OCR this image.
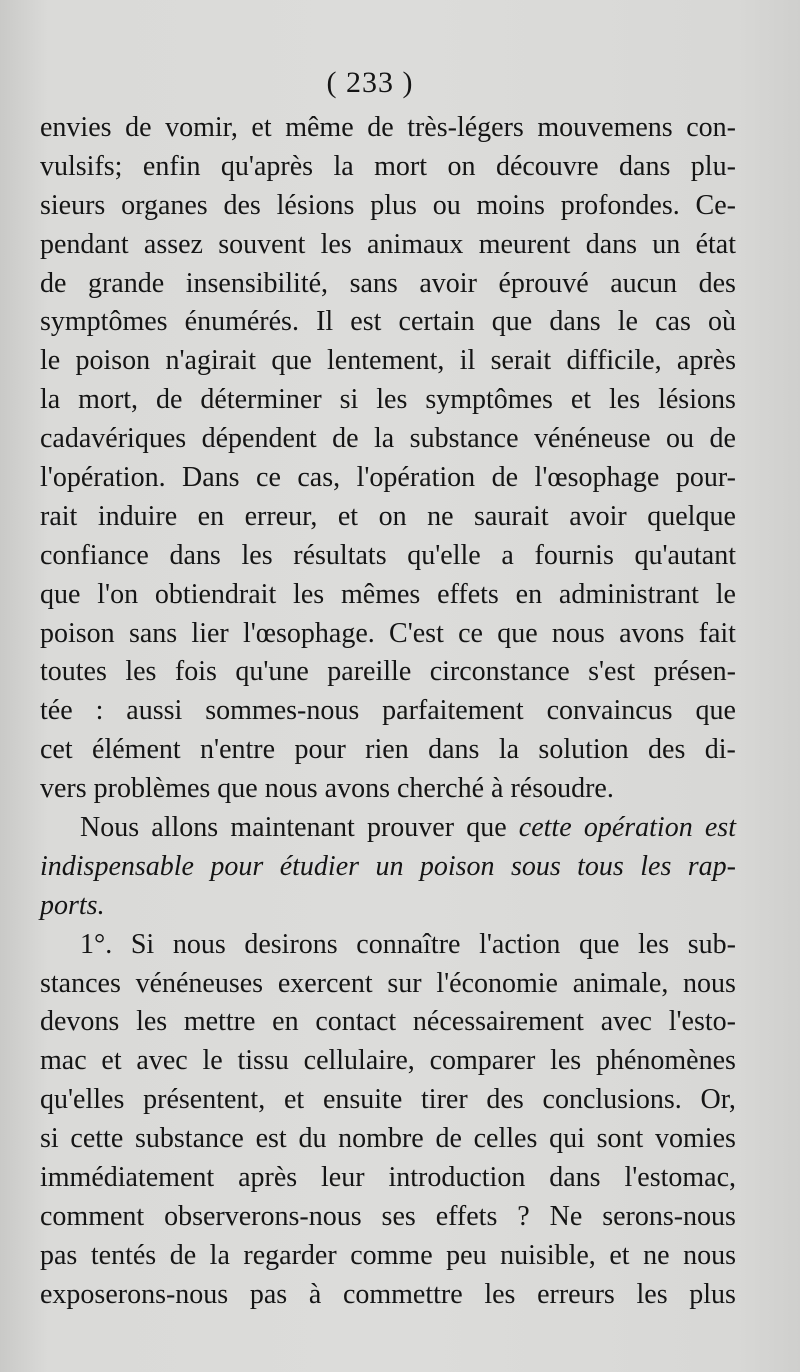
( 233 )
envies de vomir, et même de très-légers mouvemens con-
vulsifs; enfin qu'après la mort on découvre dans plu-
sieurs organes des lésions plus ou moins profondes. Ce-
pendant assez souvent les animaux meurent dans un état
de grande insensibilité, sans avoir éprouvé aucun des
symptômes énumérés. Il est certain que dans le cas où
le poison n'agirait que lentement, il serait difficile, après
la mort, de déterminer si les symptômes et les lésions
cadavériques dépendent de la substance vénéneuse ou de
l'opération. Dans ce cas, l'opération de l'œsophage pour-
rait induire en erreur, et on ne saurait avoir quelque
confiance dans les résultats qu'elle a fournis qu'autant
que l'on obtiendrait les mêmes effets en administrant le
poison sans lier l'œsophage. C'est ce que nous avons fait
toutes les fois qu'une pareille circonstance s'est présen-
tée : aussi sommes-nous parfaitement convaincus que
cet élément n'entre pour rien dans la solution des di-
vers
problèmes
que
nous
avons
cherché
à
résoudre.
Nous allons maintenant prouver que cette opération est
indispensable pour étudier un poison sous tous les rap-
ports.
1°. Si nous desirons connaître l'action que les sub-
stances vénéneuses exercent sur l'économie animale, nous
devons les mettre en contact nécessairement avec l'esto-
mac et avec le tissu cellulaire, comparer les phénomènes
qu'elles présentent, et ensuite tirer des conclusions. Or,
si cette substance est du nombre de celles qui sont vomies
immédiatement après leur introduction dans l'estomac,
comment observerons-nous ses effets ? Ne serons-nous
pas tentés de la regarder comme peu nuisible, et ne nous
exposerons-nous pas à commettre les erreurs les plus
